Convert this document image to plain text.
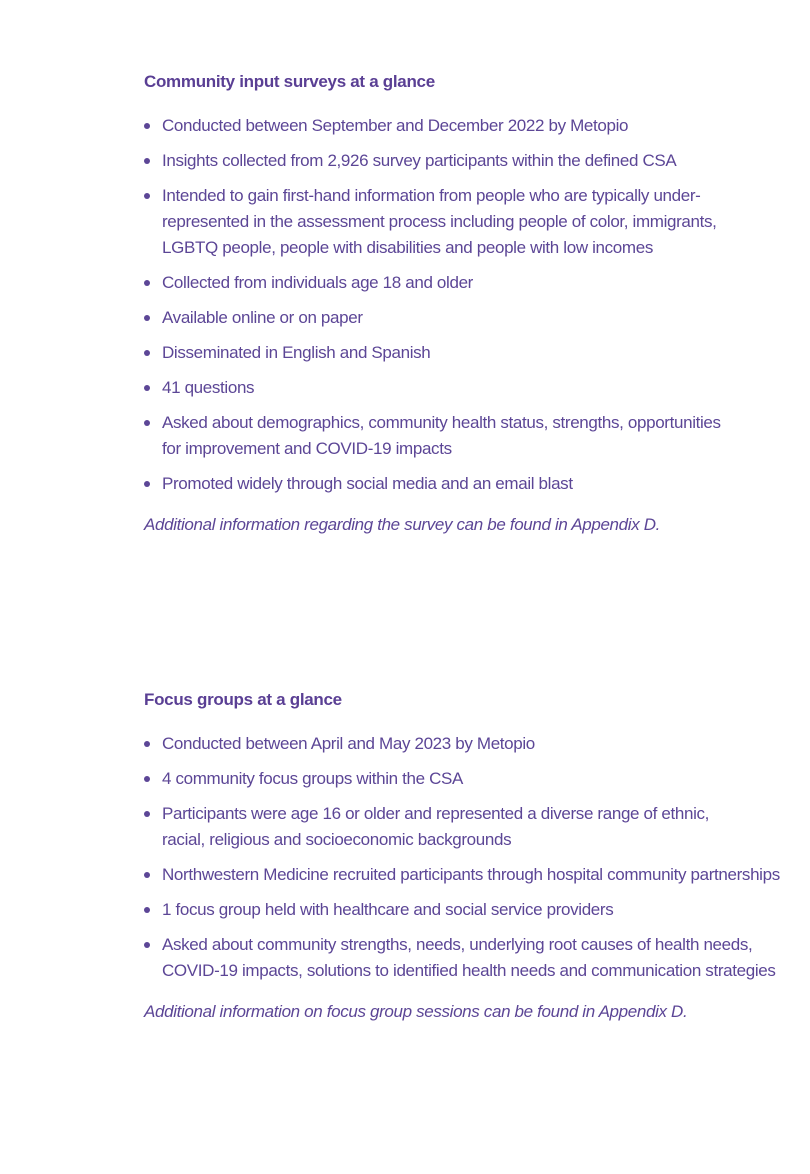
Community input surveys at a glance
Conducted between September and December 2022 by Metopio
Insights collected from 2,926 survey participants within the defined CSA
Intended to gain first-hand information from people who are typically under-represented in the assessment process including people of color, immigrants, LGBTQ people, people with disabilities and people with low incomes
Collected from individuals age 18 and older
Available online or on paper
Disseminated in English and Spanish
41 questions
Asked about demographics, community health status, strengths, opportunities for improvement and COVID-19 impacts
Promoted widely through social media and an email blast

Additional information regarding the survey can be found in Appendix D.

Focus groups at a glance
Conducted between April and May 2023 by Metopio
4 community focus groups within the CSA
Participants were age 16 or older and represented a diverse range of ethnic, racial, religious and socioeconomic backgrounds
Northwestern Medicine recruited participants through hospital community partnerships
1 focus group held with healthcare and social service providers
Asked about community strengths, needs, underlying root causes of health needs, COVID-19 impacts, solutions to identified health needs and communication strategies

Additional information on focus group sessions can be found in Appendix D.
